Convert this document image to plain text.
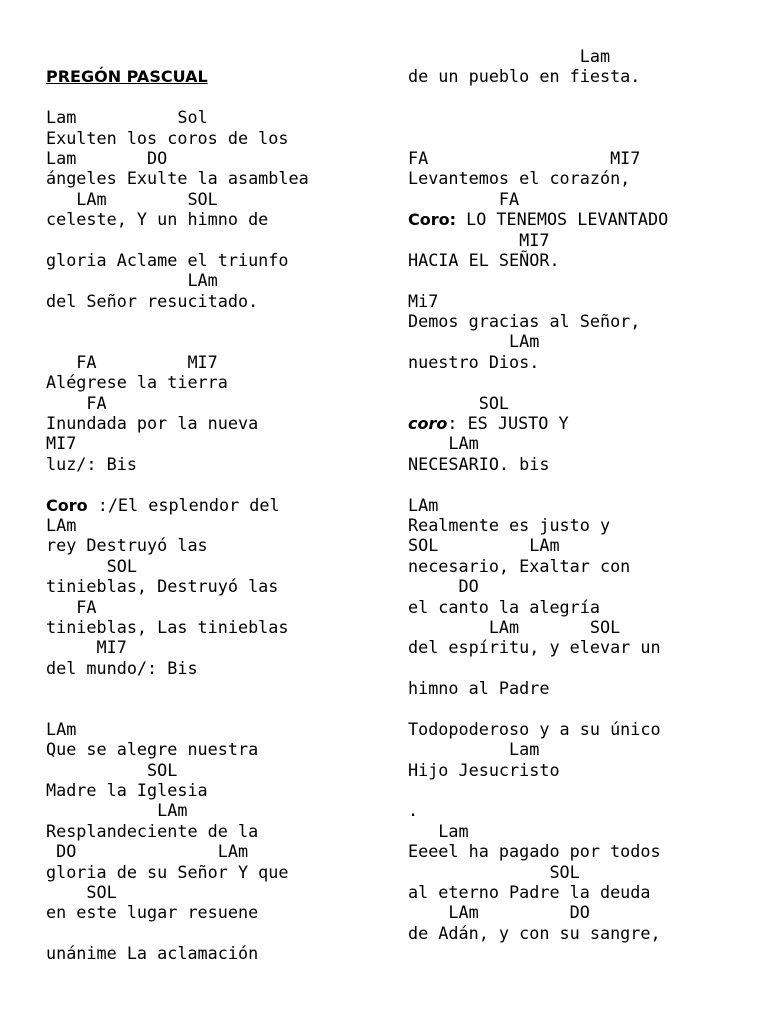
PREGÓN PASCUAL
Lam          Sol
Exulten los coros de los
Lam       DO
ángeles Exulte la asamblea
LAm        SOL
celeste, Y un himno de
gloria Aclame el triunfo
LAm
del Señor resucitado.
FA         MI7
Alégrese la tierra
FA
Inundada por la nueva
MI7
luz/: Bis
Coro :/El esplendor del
LAm
rey Destruyó las
SOL
tinieblas, Destruyó las
FA
tinieblas, Las tinieblas
MI7
del mundo/: Bis
LAm
Que se alegre nuestra
SOL
Madre la Iglesia
LAm
Resplandeciente de la
DO              LAm
gloria de su Señor Y que
SOL
en este lugar resuene
unánime La aclamación
Lam
de un pueblo en fiesta.
FA                  MI7
Levantemos el corazón,
FA
Coro: LO TENEMOS LEVANTADO
MI7
HACIA EL SEÑOR.
Mi7
Demos gracias al Señor,
LAm
nuestro Dios.
SOL
coro: ES JUSTO Y
LAm
NECESARIO. bis
LAm
Realmente es justo y
SOL         LAm
necesario, Exaltar con
DO
el canto la alegría
LAm       SOL
del espíritu, y elevar un
himno al Padre
Todopoderoso y a su único
Lam
Hijo Jesucristo
.
Lam
Eeeel ha pagado por todos
SOL
al eterno Padre la deuda
LAm         DO
de Adán, y con su sangre,
